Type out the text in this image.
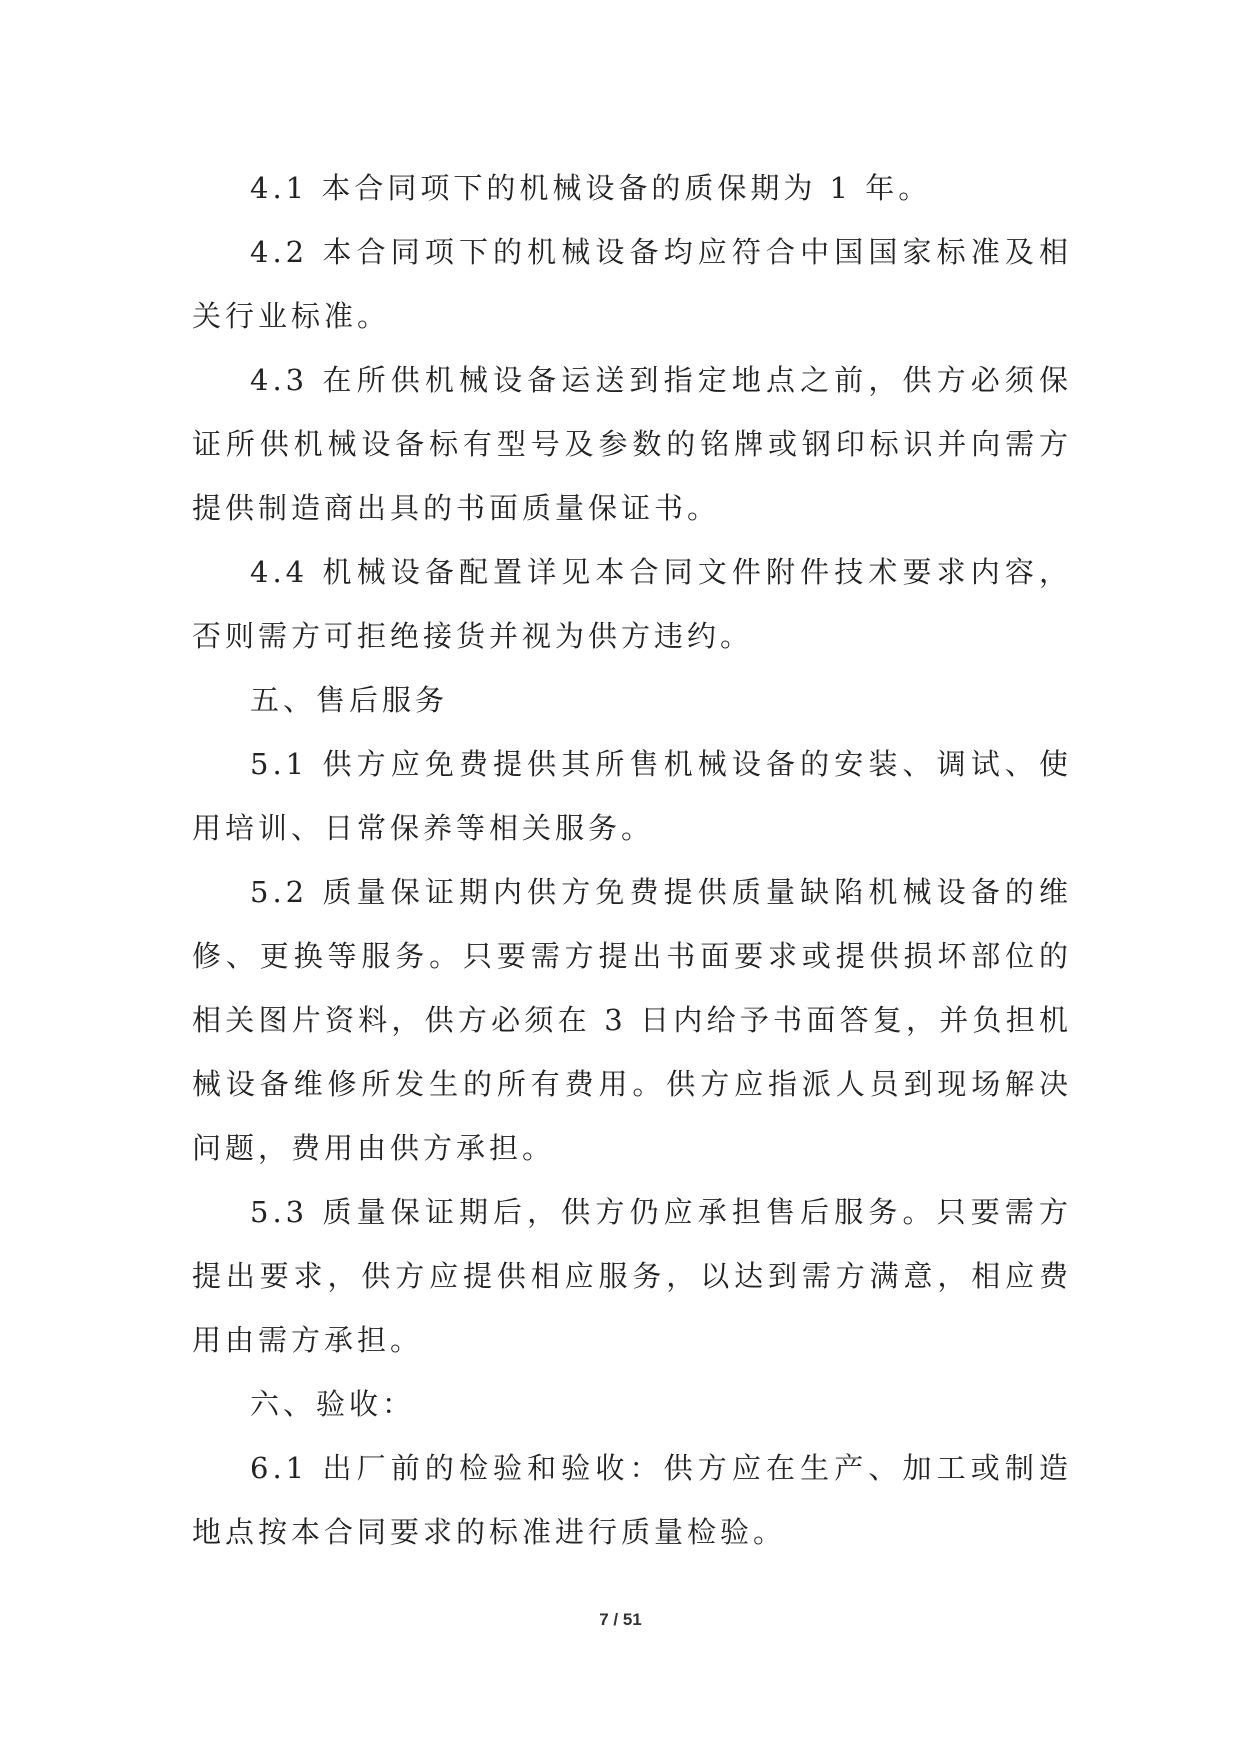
4.1 本合同项下的机械设备的质保期为 1 年。

4.2 本合同项下的机械设备均应符合中国国家标准及相关行业标准。

4.3 在所供机械设备运送到指定地点之前，供方必须保证所供机械设备标有型号及参数的铭牌或钢印标识并向需方提供制造商出具的书面质量保证书。

4.4 机械设备配置详见本合同文件附件技术要求内容，否则需方可拒绝接货并视为供方违约。

五、售后服务

5.1 供方应免费提供其所售机械设备的安装、调试、使用培训、日常保养等相关服务。

5.2 质量保证期内供方免费提供质量缺陷机械设备的维修、更换等服务。只要需方提出书面要求或提供损坏部位的相关图片资料，供方必须在 3 日内给予书面答复，并负担机械设备维修所发生的所有费用。供方应指派人员到现场解决问题，费用由供方承担。

5.3 质量保证期后，供方仍应承担售后服务。只要需方提出要求，供方应提供相应服务，以达到需方满意，相应费用由需方承担。

六、验收：

6.1 出厂前的检验和验收：供方应在生产、加工或制造地点按本合同要求的标准进行质量检验。

7 / 51
